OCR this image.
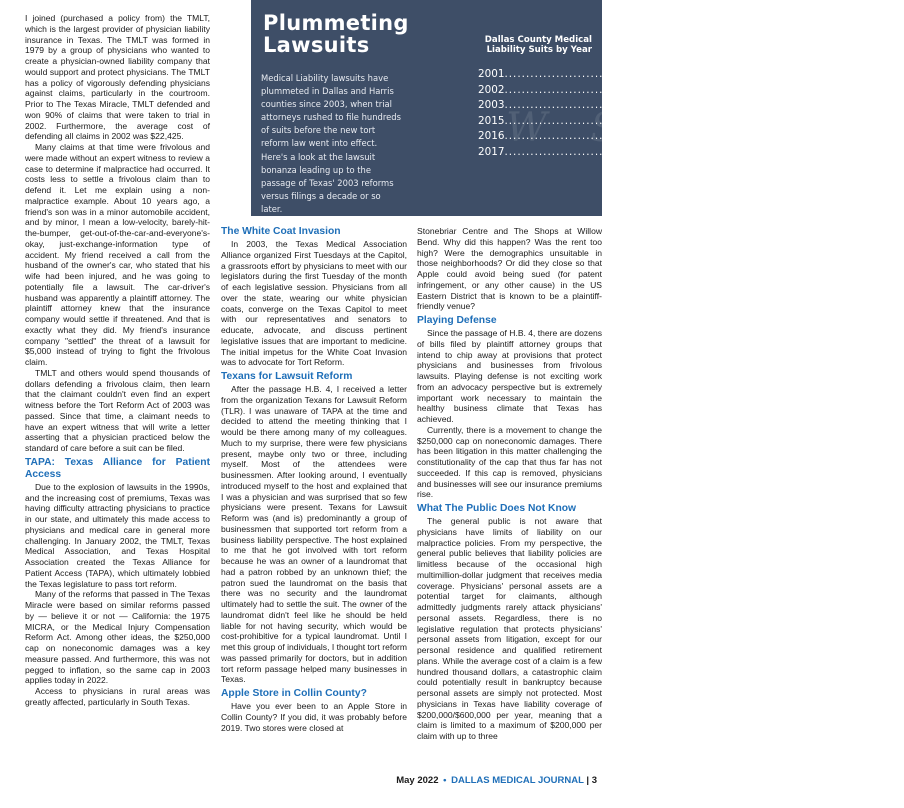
W  S  Z
Plummeting
Lawsuits	Dallas County Medical
Liability Suits by Year
Medical Liability lawsuits have plummeted in Dallas and Harris counties since 2003, when trial attorneys rushed to file hundreds of suits before the new tort reform law went into effect. Here's a look at the lawsuit bonanza leading up to the passage of Texas' 2003 reforms versus filings a decade or so later.
2001 .....	487
2002 .....	536
2003 .....	1,108
2015 .....	134
2016 .....	142
2017 .....	126

I joined (purchased a policy from) the TMLT, which is the largest provider of physician liability insurance in Texas. The TMLT was formed in 1979 by a group of physicians who wanted to create a physician-owned liability company that would support and protect physicians. The TMLT has a policy of vigorously defending physicians against claims, particularly in the courtroom. Prior to The Texas Miracle, TMLT defended and won 90% of claims that were taken to trial in 2002. Furthermore, the average cost of defending all claims in 2002 was $22,425.

Many claims at that time were frivolous and were made without an expert witness to review a case to determine if malpractice had occurred. It costs less to settle a frivolous claim than to defend it. Let me explain using a non-malpractice example. About 10 years ago, a friend's son was in a minor automobile accident, and by minor, I mean a low-velocity, barely-hit-the-bumper, get-out-of-the-car-and-everyone's-okay, just-exchange-information type of accident. My friend received a call from the husband of the owner's car, who stated that his wife had been injured, and he was going to potentially file a lawsuit. The car-driver's husband was apparently a plaintiff attorney. The plaintiff attorney knew that the insurance company would settle if threatened. And that is exactly what they did. My friend's insurance company "settled" the threat of a lawsuit for $5,000 instead of trying to fight the frivolous claim.

TMLT and others would spend thousands of dollars defending a frivolous claim, then learn that the claimant couldn't even find an expert witness before the Tort Reform Act of 2003 was passed. Since that time, a claimant needs to have an expert witness that will write a letter asserting that a physician practiced below the standard of care before a suit can be filed.

TAPA: Texas Alliance for Patient Access

Due to the explosion of lawsuits in the 1990s, and the increasing cost of premiums, Texas was having difficulty attracting physicians to practice in our state, and ultimately this made access to physicians and medical care in general more challenging. In January 2002, the TMLT, Texas Medical Association, and Texas Hospital Association created the Texas Alliance for Patient Access (TAPA), which ultimately lobbied the Texas legislature to pass tort reform.

Many of the reforms that passed in The Texas Miracle were based on similar reforms passed by — believe it or not — California: the 1975 MICRA, or the Medical Injury Compensation Reform Act. Among other ideas, the $250,000 cap on noneconomic damages was a key measure passed. And furthermore, this was not pegged to inflation, so the same cap in 2003 applies today in 2022.

Access to physicians in rural areas was greatly affected, particularly in South Texas.

The White Coat Invasion

In 2003, the Texas Medical Association Alliance organized First Tuesdays at the Capitol, a grassroots effort by physicians to meet with our legislators during the first Tuesday of the month of each legislative session. Physicians from all over the state, wearing our white physician coats, converge on the Texas Capitol to meet with our representatives and senators to educate, advocate, and discuss pertinent legislative issues that are important to medicine. The initial impetus for the White Coat Invasion was to advocate for Tort Reform.

Texans for Lawsuit Reform

After the passage H.B. 4, I received a letter from the organization Texans for Lawsuit Reform (TLR). I was unaware of TAPA at the time and decided to attend the meeting thinking that I would be there among many of my colleagues. Much to my surprise, there were few physicians present, maybe only two or three, including myself. Most of the attendees were businessmen. After looking around, I eventually introduced myself to the host and explained that I was a physician and was surprised that so few physicians were present. Texans for Lawsuit Reform was (and is) predominantly a group of businessmen that supported tort reform from a business liability perspective. The host explained to me that he got involved with tort reform because he was an owner of a laundromat that had a patron robbed by an unknown thief; the patron sued the laundromat on the basis that there was no security and the laundromat ultimately had to settle the suit. The owner of the laundromat didn't feel like he should be held liable for not having security, which would be cost-prohibitive for a typical laundromat. Until I met this group of individuals, I thought tort reform was passed primarily for doctors, but in addition tort reform passage helped many businesses in Texas.

Apple Store in Collin County?

Have you ever been to an Apple Store in Collin County? If you did, it was probably before 2019. Two stores were closed at

Stonebriar Centre and The Shops at Willow Bend. Why did this happen? Was the rent too high? Were the demographics unsuitable in those neighborhoods? Or did they close so that Apple could avoid being sued (for patent infringement, or any other cause) in the US Eastern District that is known to be a plaintiff-friendly venue?

Playing Defense

Since the passage of H.B. 4, there are dozens of bills filed by plaintiff attorney groups that intend to chip away at provisions that protect physicians and businesses from frivolous lawsuits. Playing defense is not exciting work from an advocacy perspective but is extremely important work necessary to maintain the healthy business climate that Texas has achieved.

Currently, there is a movement to change the $250,000 cap on noneconomic damages. There has been litigation in this matter challenging the constitutionality of the cap that thus far has not succeeded. If this cap is removed, physicians and businesses will see our insurance premiums rise.

What The Public Does Not Know

The general public is not aware that physicians have limits of liability on our malpractice policies. From my perspective, the general public believes that liability policies are limitless because of the occasional high multimillion-dollar judgment that receives media coverage. Physicians' personal assets are a potential target for claimants, although admittedly judgments rarely attack physicians' personal assets. Regardless, there is no legislative regulation that protects physicians' personal assets from litigation, except for our personal residence and qualified retirement plans. While the average cost of a claim is a few hundred thousand dollars, a catastrophic claim could potentially result in bankruptcy because personal assets are simply not protected. Most physicians in Texas have liability coverage of $200,000/$600,000 per year, meaning that a claim is limited to a maximum of $200,000 per claim with up to three

May 2022 • DALLAS MEDICAL JOURNAL | 3
